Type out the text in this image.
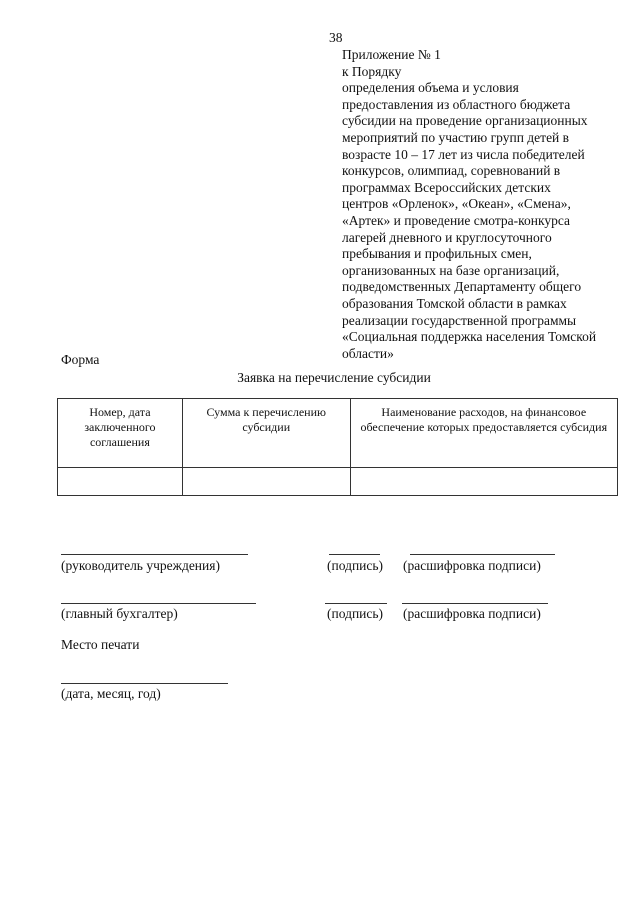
38
Приложение № 1
к Порядку
определения объема и условия
предоставления из областного бюджета
субсидии на проведение организационных
мероприятий по участию групп детей в
возрасте 10 – 17 лет из числа победителей
конкурсов, олимпиад, соревнований в
программах Всероссийских детских
центров «Орленок», «Океан», «Смена»,
«Артек» и проведение смотра-конкурса
лагерей дневного и круглосуточного
пребывания и профильных смен,
организованных на базе организаций,
подведомственных Департаменту общего
образования Томской области в рамках
реализации государственной программы
«Социальная поддержка населения Томской
области»
Форма
Заявка на перечисление субсидии
Номер, дата заключенного соглашения	Сумма к перечислению субсидии	Наименование расходов, на финансовое обеспечение которых предоставляется субсидия

(руководитель учреждения)	(подпись) (расшифровка подписи)
(главный бухгалтер)	(подпись) (расшифровка подписи)
Место печати
(дата, месяц, год)
